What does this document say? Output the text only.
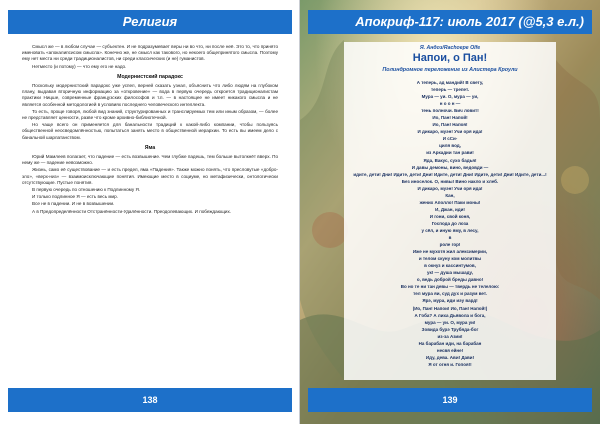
Религия

Смысл же — в любом случае — субъектен. И не подразумевает веры ни во что, ни после неё. Это то, что принято именовать «апокалипсисом смысла». Конечно же, не смысл как такового, но некоего общепринятого смысла. Поэтому ему нет места ни среди традиционалистов, ни среди классических (и не) гуманистов.

Нетместо (и потому) — что ему его не надо.

Модернистский парадокс

Поскольку модернистский парадокс уже успел, верней сказать узнал, объяснить что либо людям на глубоком плану, выдавая вторичную информацию за «откровение» — вода в первую очередь откроется традиционалистам практики Ницше, современные французских философов и т.п. — в настоящее не имеет никакого смысла и не является особенной методологией в условиях последнего человеческого интеллекта.

То есть, проще говоря, любой вид знаний, структурированных и транслируемых тем или иным образом, — более не представляет ценности, разве что кроме архивно-библиотечной.

Но чаще всего он применяется для банальности традиций к какой-либо компании, чтобы пользуясь общественной неосведомлённостью, попытаться занять место в общественной иерархии. То есть вы имеем дело с банальной шарлатанством.

Яма

Юрий Мамлеев полагает, что падение — есть возвышение. Чем глубже падешь, тем больше вытолкнёт вверх. По нему же — падение невозможно.

Жизнь, само её существование — и есть предел, яма «Падения». Также можно понять, что пресловутые «добро-зло», «верх-низ» — взаимоисключающие понятия. Имеющие место в социуме, но метафизически, онтологически отсутствующие. Пустые понятия.

В первую очередь по отношению к Подлинному Я.

И только подлинное Я — есть весь мир.

Все не в падении. И не в возвышении.

А в Предопределённости Отстранённости-Удалённости. Преодолевающих. И побеждающих.

138
Апокриф-117: июль 2017 (@5,3 е.л.)
Я. Андоз/Rachoepe Olfe
Напои, о Пан!
Полиндромное переложение из Алистера Кроули
А теперь, ад мандий! В свету,
теперь — трепет.
Мура — уи. О, мура — уи,
н о о н —
тень полночи. Бич ловит!
Ио, Пан! Напой!
Ио, Пан! Напоя!
И дикаро, муэн! Учи оря ида!
И сСи-
циля вод,
из Аркадии тан рави!
Яда, Вакус, сухо бадья!
И давы демоны, вино, ведовди —
идите, дети! Дни! Идите, дети! Дни! Идите, дети! Дни! Идите, дети! Дни! Идите, дети...!
Без иноселок. О, нивы! Вино накло и хлеб.
И дикаро, муэн! Учи оря ида!
Кан,
жених Аполло! Паки моны!
И, Джан, иди!
И гони, свой коня,
Господа до лоза
у сёл, и иную яму, в лесу,
в
роле гор!
Иже не мухотя жил алексимерии,
и телом скуну ком молитвы
в окнуз и кассинтумов,
ук! — душа мышаду,
о, ведь доброй бреды давно!
Во но те ни тан девы — твердь не телелою:
тел мура яи, суд дух и разум вет.
Ярэ, мура, иди иэу вард!
(Ио, Пан! Напои! Ио, Пан! Напой!)
А Гоба? А лиха Дьявола и бога,
мура — уи. О, мура уи!
Зовида бурэ Трубяда-бог
из-за Азии!
На барабан иди, на барабан
несвя ейне!
Иду, дева. Ави! Дави!
Я от огня и. Гопоя!!
139
